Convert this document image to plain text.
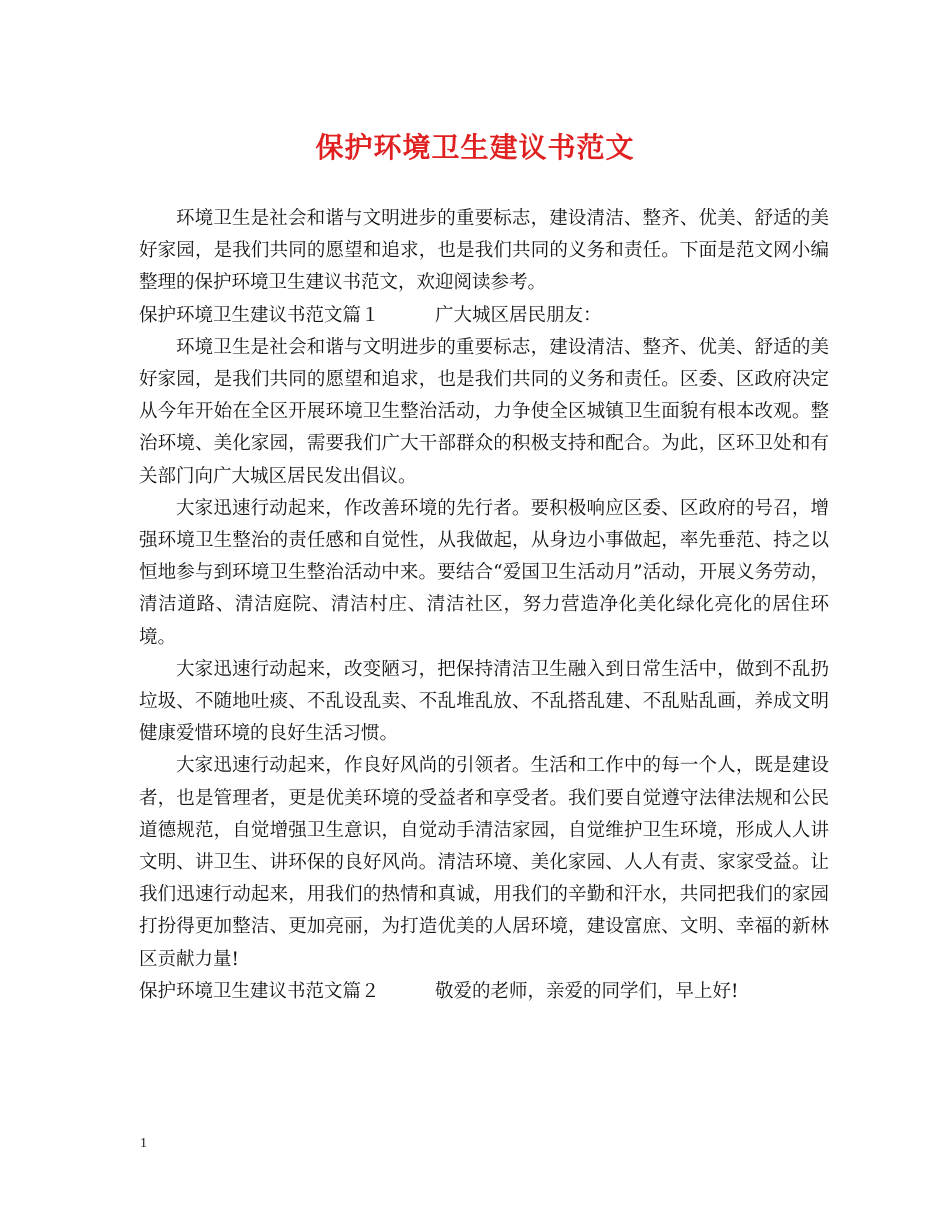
保护环境卫生建议书范文

环境卫生是社会和谐与文明进步的重要标志，建设清洁、整齐、优美、舒适的美好家园，是我们共同的愿望和追求，也是我们共同的义务和责任。下面是范文网小编整理的保护环境卫生建议书范文，欢迎阅读参考。

保护环境卫生建议书范文篇１　　　	广大城区居民朋友：

环境卫生是社会和谐与文明进步的重要标志，建设清洁、整齐、优美、舒适的美好家园，是我们共同的愿望和追求，也是我们共同的义务和责任。区委、区政府决定从今年开始在全区开展环境卫生整治活动，力争使全区城镇卫生面貌有根本改观。整治环境、美化家园，需要我们广大干部群众的积极支持和配合。为此，区环卫处和有关部门向广大城区居民发出倡议。

大家迅速行动起来，作改善环境的先行者。要积极响应区委、区政府的号召，增强环境卫生整治的责任感和自觉性，从我做起，从身边小事做起，率先垂范、持之以恒地参与到环境卫生整治活动中来。要结合“爱国卫生活动月”活动，开展义务劳动，清洁道路、清洁庭院、清洁村庄、清洁社区，努力营造净化美化绿化亮化的居住环境。

大家迅速行动起来，改变陋习，把保持清洁卫生融入到日常生活中，做到不乱扔垃圾、不随地吐痰、不乱设乱卖、不乱堆乱放、不乱搭乱建、不乱贴乱画，养成文明健康爱惜环境的良好生活习惯。

大家迅速行动起来，作良好风尚的引领者。生活和工作中的每一个人，既是建设者，也是管理者，更是优美环境的受益者和享受者。我们要自觉遵守法律法规和公民道德规范，自觉增强卫生意识，自觉动手清洁家园，自觉维护卫生环境，形成人人讲文明、讲卫生、讲环保的良好风尚。清洁环境、美化家园、人人有责、家家受益。让我们迅速行动起来，用我们的热情和真诚，用我们的辛勤和汗水，共同把我们的家园打扮得更加整洁、更加亮丽，为打造优美的人居环境，建设富庶、文明、幸福的新林区贡献力量!

保护环境卫生建议书范文篇２　　　	敬爱的老师，亲爱的同学们，早上好!

1
